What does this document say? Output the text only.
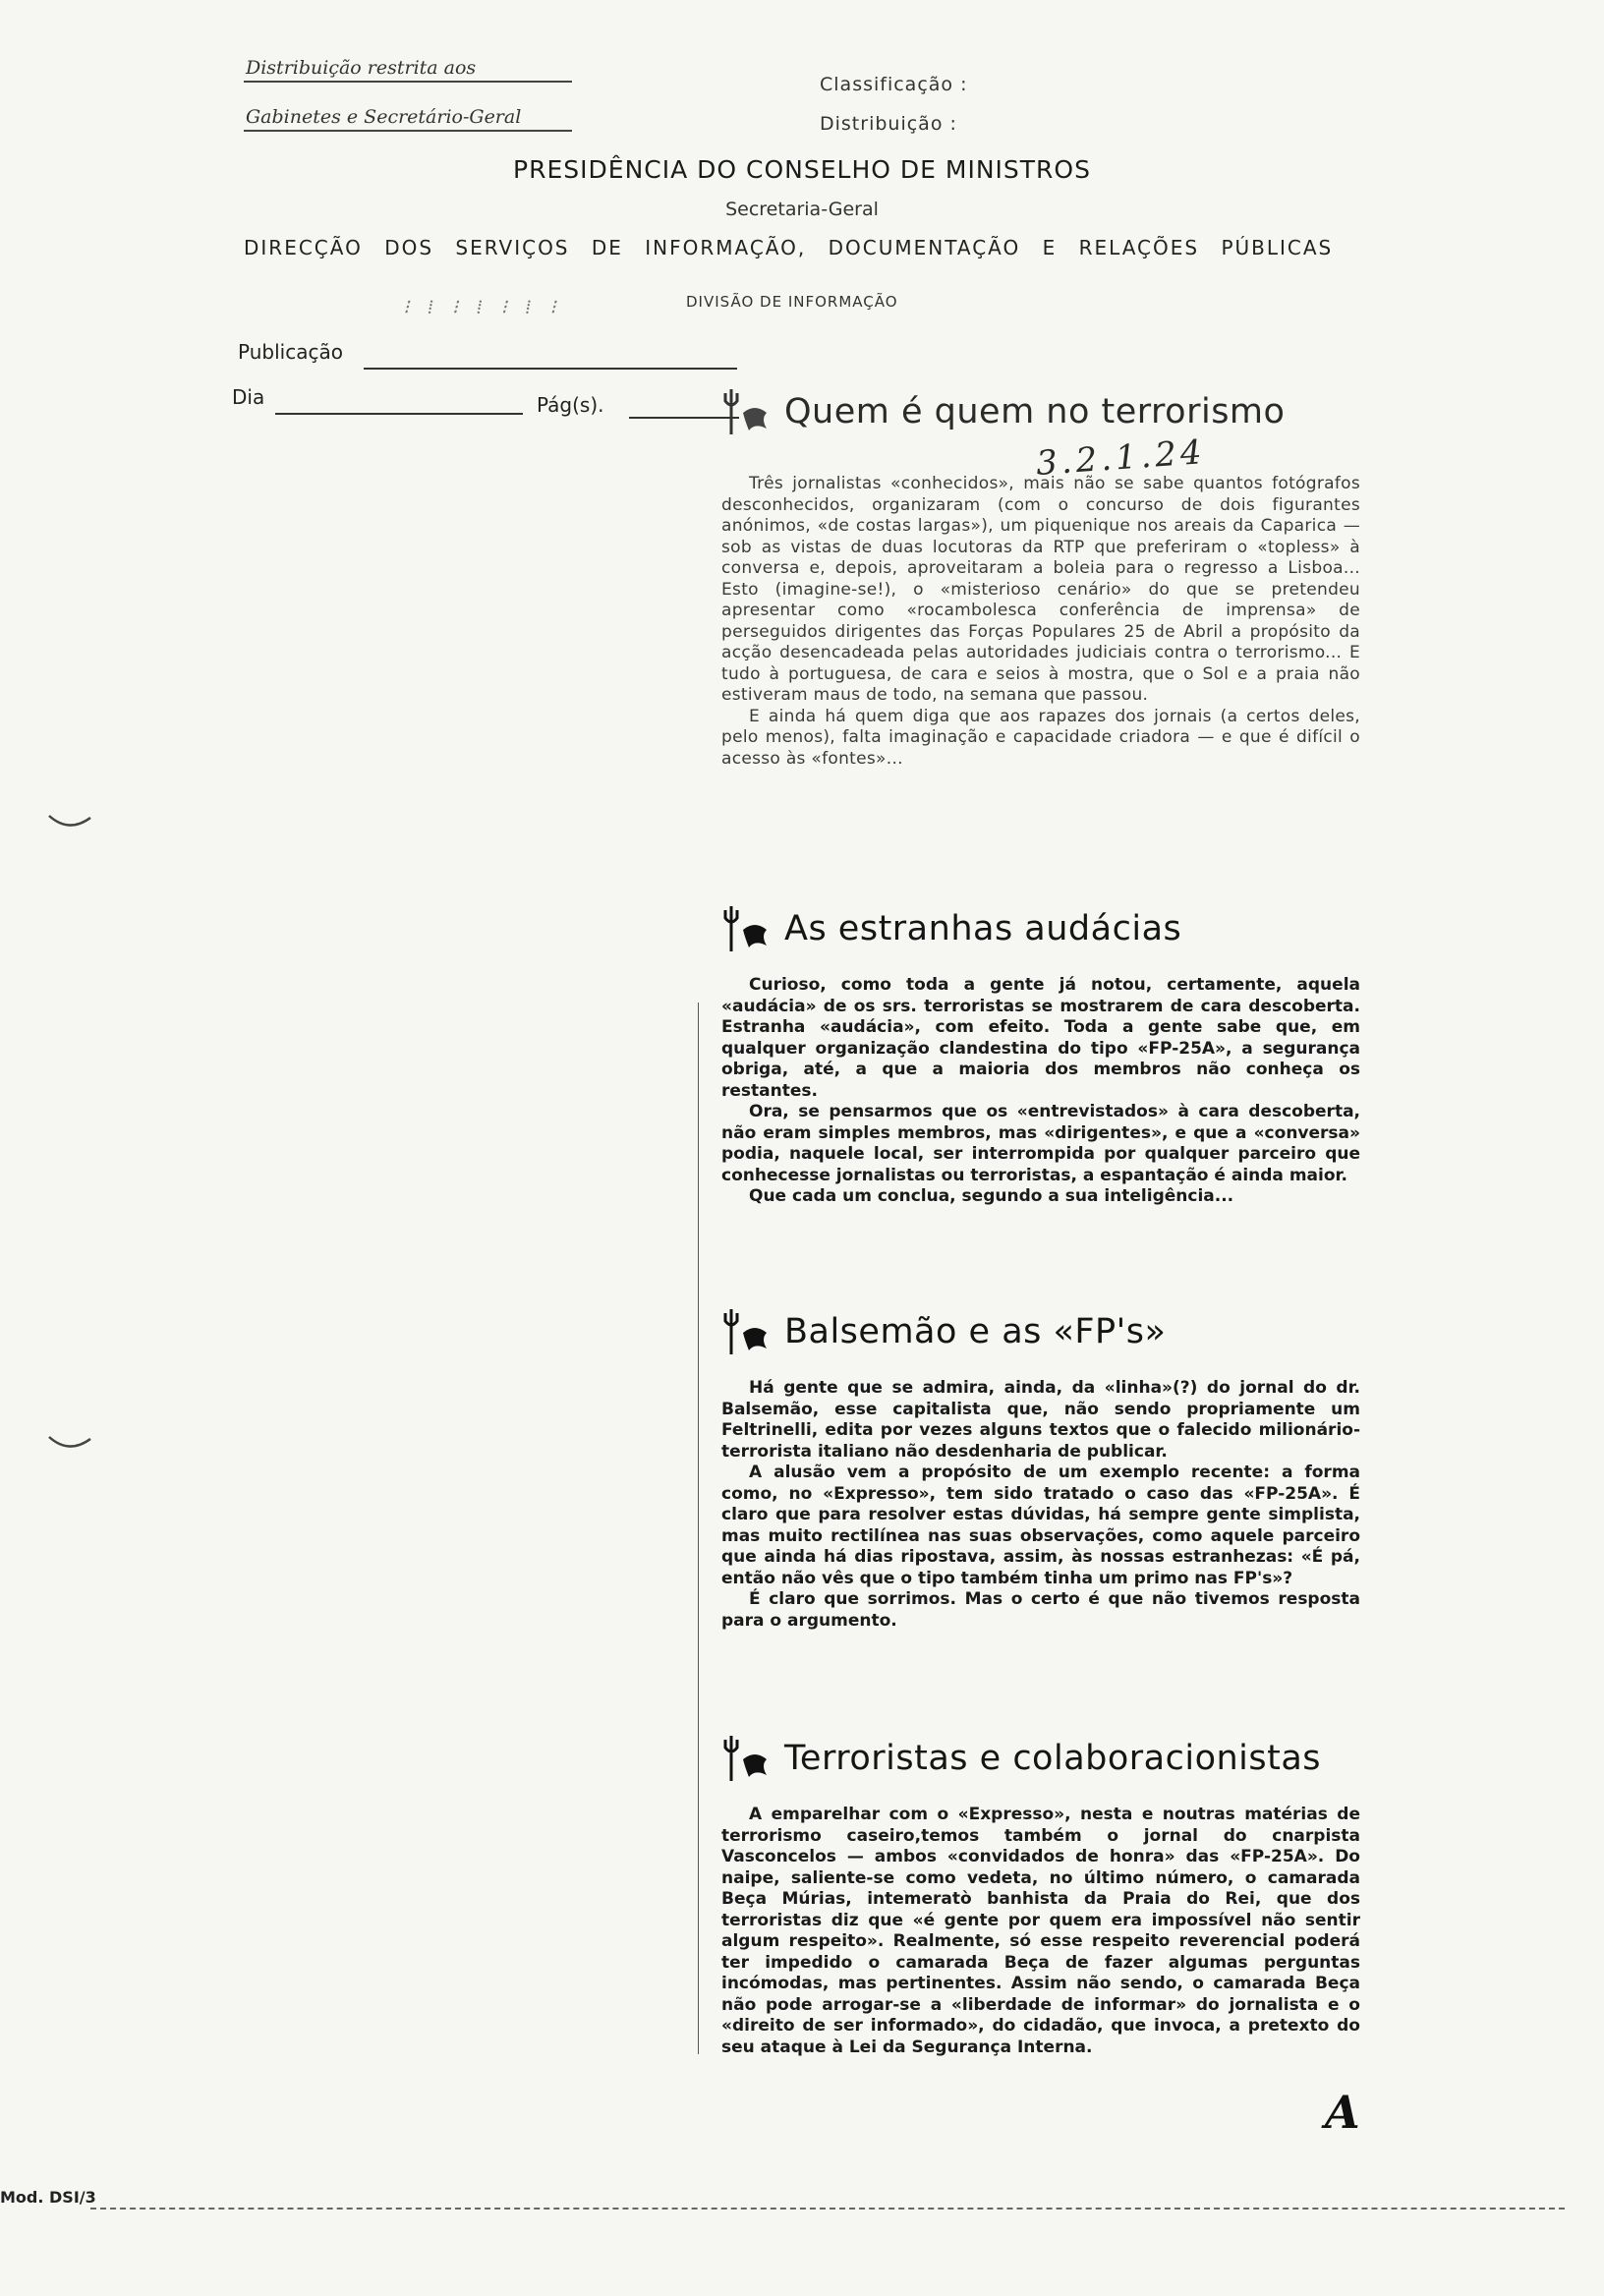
Distribuição restrita aos
Gabinetes e Secretário-Geral
Classificação :
Distribuição :
PRESIDÊNCIA DO CONSELHO DE MINISTROS
Secretaria-Geral
DIRECÇÃO DOS SERVIÇOS DE INFORMAÇÃO, DOCUMENTAÇÃO E RELAÇÕES PÚBLICAS
DIVISÃO DE INFORMAÇÃO
Publicação
⁝ ⁞ ⁝ ⁞ ⁝ ⁞ ⁝
Dia	Pág(s).
3.2.1.24
Quem é quem no terrorismo

Três jornalistas «conhecidos», mais não se sabe quantos fotógrafos desconhecidos, organizaram (com o concurso de dois figurantes anónimos, «de costas largas»), um piquenique nos areais da Caparica — sob as vistas de duas locutoras da RTP que preferiram o «topless» à conversa e, depois, aproveitaram a boleia para o regresso a Lisboa... Esto (imagine-se!), o «misterioso cenário» do que se pretendeu apresentar como «rocambolesca conferência de imprensa» de perseguidos dirigentes das Forças Populares 25 de Abril a propósito da acção desencadeada pelas autoridades judiciais contra o terrorismo... E tudo à portuguesa, de cara e seios à mostra, que o Sol e a praia não estiveram maus de todo, na semana que passou.

E ainda há quem diga que aos rapazes dos jornais (a certos deles, pelo menos), falta imaginação e capacidade criadora — e que é difícil o acesso às «fontes»...

As estranhas audácias

Curioso, como toda a gente já notou, certamente, aquela «audácia» de os srs. terroristas se mostrarem de cara descoberta. Estranha «audácia», com efeito. Toda a gente sabe que, em qualquer organização clandestina do tipo «FP-25A», a segurança obriga, até, a que a maioria dos membros não conheça os restantes.

Ora, se pensarmos que os «entrevistados» à cara descoberta, não eram simples membros, mas «dirigentes», e que a «conversa» podia, naquele local, ser interrompida por qualquer parceiro que conhecesse jornalistas ou terroristas, a espantação é ainda maior.

Que cada um conclua, segundo a sua inteligência...

Balsemão e as «FP's»

Há gente que se admira, ainda, da «linha»(?) do jornal do dr. Balsemão, esse capitalista que, não sendo propriamente um Feltrinelli, edita por vezes alguns textos que o falecido milionário-terrorista italiano não desdenharia de publicar.

A alusão vem a propósito de um exemplo recente: a forma como, no «Expresso», tem sido tratado o caso das «FP-25A». É claro que para resolver estas dúvidas, há sempre gente simplista, mas muito rectilínea nas suas observações, como aquele parceiro que ainda há dias ripostava, assim, às nossas estranhezas: «É pá, então não vês que o tipo também tinha um primo nas FP's»?

É claro que sorrimos. Mas o certo é que não tivemos resposta para o argumento.

Terroristas e colaboracionistas

A emparelhar com o «Expresso», nesta e noutras matérias de terrorismo caseiro,temos também o jornal do cnarpista Vasconcelos — ambos «convidados de honra» das «FP-25A». Do naipe, saliente-se como vedeta, no último número, o camarada Beça Múrias, intemeratò banhista da Praia do Rei, que dos terroristas diz que «é gente por quem era impossível não sentir algum respeito». Realmente, só esse respeito reverencial poderá ter impedido o camarada Beça de fazer algumas perguntas incómodas, mas pertinentes. Assim não sendo, o camarada Beça não pode arrogar-se a «liberdade de informar» do jornalista e o «direito de ser informado», do cidadão, que invoca, a pretexto do seu ataque à Lei da Segurança Interna.

A
Mod. DSI/3
